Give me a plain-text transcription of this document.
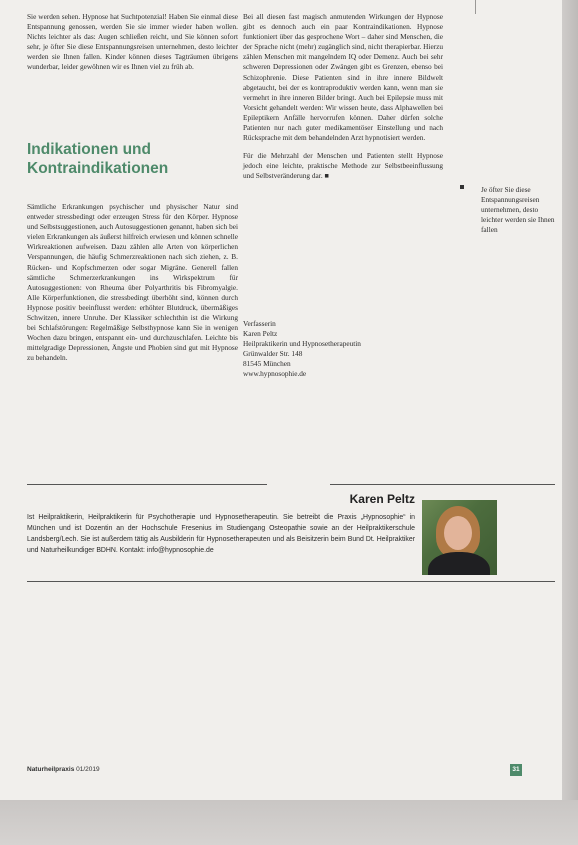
Sie werden sehen. Hypnose hat Suchtpotenzial! Haben Sie einmal diese Entspannung genossen, werden Sie sie immer wieder haben wollen. Nichts leichter als das: Augen schließen reicht, und Sie können sofort sehr, je öfter Sie diese Entspannungsreisen unternehmen, desto leichter werden sie Ihnen fallen. Kinder können dieses Tagträumen übrigens wunderbar, leider gewöhnen wir es Ihnen viel zu früh ab.

Indikationen und Kontraindikationen

Sämtliche Erkrankungen psychischer und physischer Natur sind entweder stressbedingt oder erzeugen Stress für den Körper. Hypnose und Selbstsuggestionen, auch Autosuggestionen genannt, haben sich bei vielen Erkrankungen als äußerst hilfreich erwiesen und können schnelle Wirkreaktionen aufweisen. Dazu zählen alle Arten von körperlichen Verspannungen, die häufig Schmerzreaktionen nach sich ziehen, z. B. Rücken- und Kopfschmerzen oder sogar Migräne. Generell fallen sämtliche Schmerzerkrankungen ins Wirkspektrum für Autosuggestionen: von Rheuma über Polyarthritis bis Fibromyalgie. Alle Körperfunktionen, die stressbedingt überhöht sind, können durch Hypnose positiv beeinflusst werden: erhöhter Blutdruck, übermäßiges Schwitzen, innere Unruhe. Der Klassiker schlechthin ist die Wirkung bei Schlafstörungen: Regelmäßige Selbsthypnose kann Sie in wenigen Wochen dazu bringen, entspannt ein- und durchzuschlafen. Leichte bis mittelgradige Depressionen, Ängste und Phobien sind gut mit Hypnose zu behandeln.

Bei all diesen fast magisch anmutenden Wirkungen der Hypnose gibt es dennoch auch ein paar Kontraindikationen. Hypnose funktioniert über das gesprochene Wort – daher sind Menschen, die der Sprache nicht (mehr) zugänglich sind, nicht therapierbar. Hierzu zählen Menschen mit mangelndem IQ oder Demenz. Auch bei sehr schweren Depressionen oder Zwängen gibt es Grenzen, ebenso bei Schizophrenie. Diese Patienten sind in ihre innere Bildwelt abgetaucht, bei der es kontraproduktiv werden kann, wenn man sie vermehrt in ihre inneren Bilder bringt. Auch bei Epilepsie muss mit Vorsicht gehandelt werden: Wir wissen heute, dass Alphawellen bei Epileptikern Anfälle hervorrufen können. Daher dürfen solche Patienten nur nach guter medikamentöser Einstellung und nach Rücksprache mit dem behandelnden Arzt hypnotisiert werden.

Für die Mehrzahl der Menschen und Patienten stellt Hypnose jedoch eine leichte, praktische Methode zur Selbstbeeinflussung und Selbstveränderung dar. ■

Verfasserin
Karen Peltz
Heilpraktikerin und Hypnosetherapeutin
Grünwalder Str. 148
81545 München
www.hypnosophie.de
Je öfter Sie diese Entspannungsreisen unternehmen, desto leichter werden sie Ihnen fallen
Karen Peltz
Ist Heilpraktikerin, Heilpraktikerin für Psychotherapie und Hypnosetherapeutin. Sie betreibt die Praxis „Hypnosophie“ in München und ist Dozentin an der Hochschule Fresenius im Studiengang Osteopathie sowie an der Heilpraktikerschule Landsberg/Lech. Sie ist außerdem tätig als Ausbilderin für Hypnosetherapeuten und als Beisitzerin beim Bund Dt. Heilpraktiker und Naturheilkundiger BDHN. Kontakt: info@hypnosophie.de
Naturheilpraxis 01/2019	31
